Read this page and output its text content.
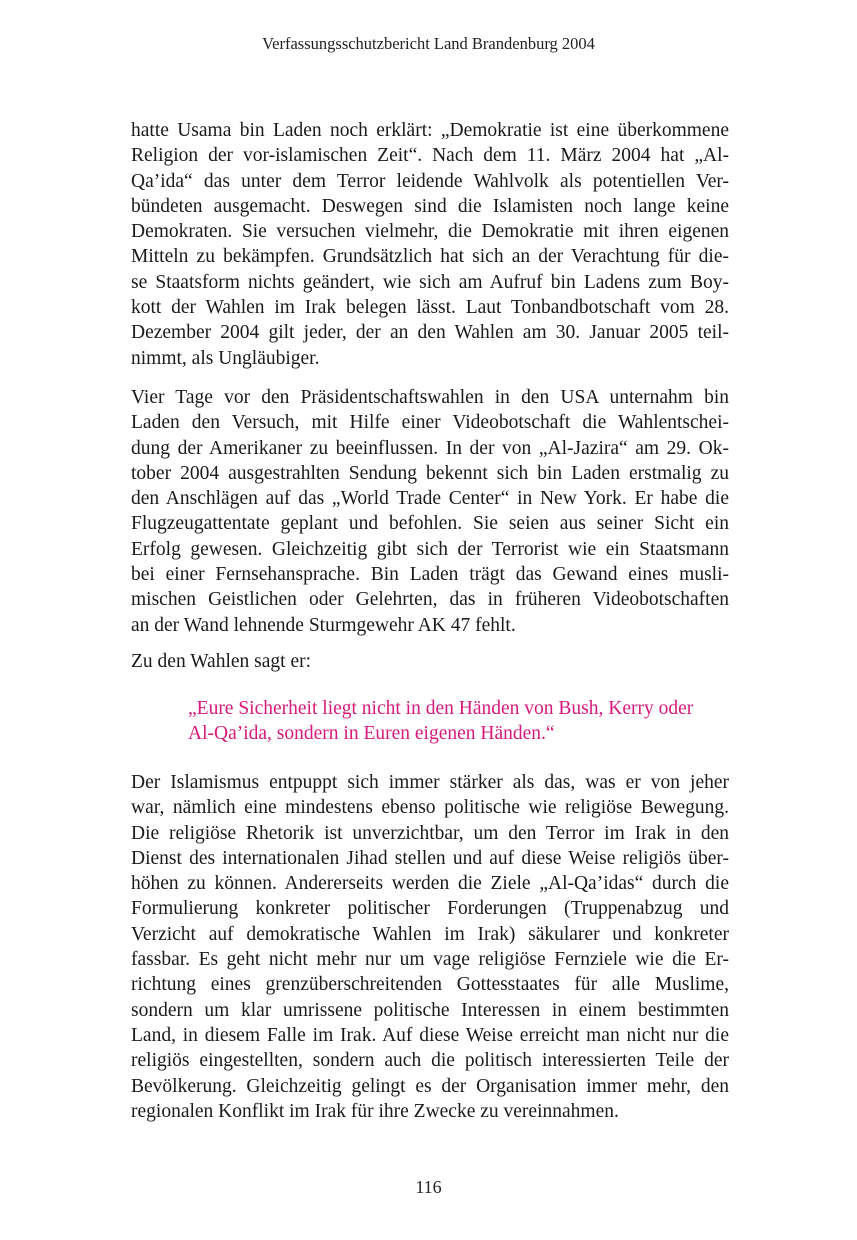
Verfassungsschutzbericht Land Brandenburg 2004
hatte Usama bin Laden noch erklärt: „Demokratie ist eine überkommene
Religion der vor-islamischen Zeit“. Nach dem 11. März 2004 hat „Al-
Qa’ida“ das unter dem Terror leidende Wahlvolk als potentiellen Ver-
bündeten ausgemacht. Deswegen sind die Islamisten noch lange keine
Demokraten. Sie versuchen vielmehr, die Demokratie mit ihren eigenen
Mitteln zu bekämpfen. Grundsätzlich hat sich an der Verachtung für die-
se Staatsform nichts geändert, wie sich am Aufruf bin Ladens zum Boy-
kott der Wahlen im Irak belegen lässt. Laut Tonbandbotschaft vom 28.
Dezember 2004 gilt jeder, der an den Wahlen am 30. Januar 2005 teil-
nimmt, als Ungläubiger.
Vier Tage vor den Präsidentschaftswahlen in den USA unternahm bin
Laden den Versuch, mit Hilfe einer Videobotschaft die Wahlentschei-
dung der Amerikaner zu beeinflussen. In der von „Al-Jazira“ am 29. Ok-
tober 2004 ausgestrahlten Sendung bekennt sich bin Laden erstmalig zu
den Anschlägen auf das „World Trade Center“ in New York. Er habe die
Flugzeugattentate geplant und befohlen. Sie seien aus seiner Sicht ein
Erfolg gewesen. Gleichzeitig gibt sich der Terrorist wie ein Staatsmann
bei einer Fernsehansprache. Bin Laden trägt das Gewand eines musli-
mischen Geistlichen oder Gelehrten, das in früheren Videobotschaften
an der Wand lehnende Sturmgewehr AK 47 fehlt.
Zu den Wahlen sagt er:
„Eure Sicherheit liegt nicht in den Händen von Bush, Kerry oder
Al-Qa’ida, sondern in Euren eigenen Händen.“
Der Islamismus entpuppt sich immer stärker als das, was er von jeher
war, nämlich eine mindestens ebenso politische wie religiöse Bewegung.
Die religiöse Rhetorik ist unverzichtbar, um den Terror im Irak in den
Dienst des internationalen Jihad stellen und auf diese Weise religiös über-
höhen zu können. Andererseits werden die Ziele „Al-Qa’idas“ durch die
Formulierung konkreter politischer Forderungen (Truppenabzug und
Verzicht auf demokratische Wahlen im Irak) säkularer und konkreter
fassbar. Es geht nicht mehr nur um vage religiöse Fernziele wie die Er-
richtung eines grenzüberschreitenden Gottesstaates für alle Muslime,
sondern um klar umrissene politische Interessen in einem bestimmten
Land, in diesem Falle im Irak. Auf diese Weise erreicht man nicht nur die
religiös eingestellten, sondern auch die politisch interessierten Teile der
Bevölkerung. Gleichzeitig gelingt es der Organisation immer mehr, den
regionalen Konflikt im Irak für ihre Zwecke zu vereinnahmen.
116
